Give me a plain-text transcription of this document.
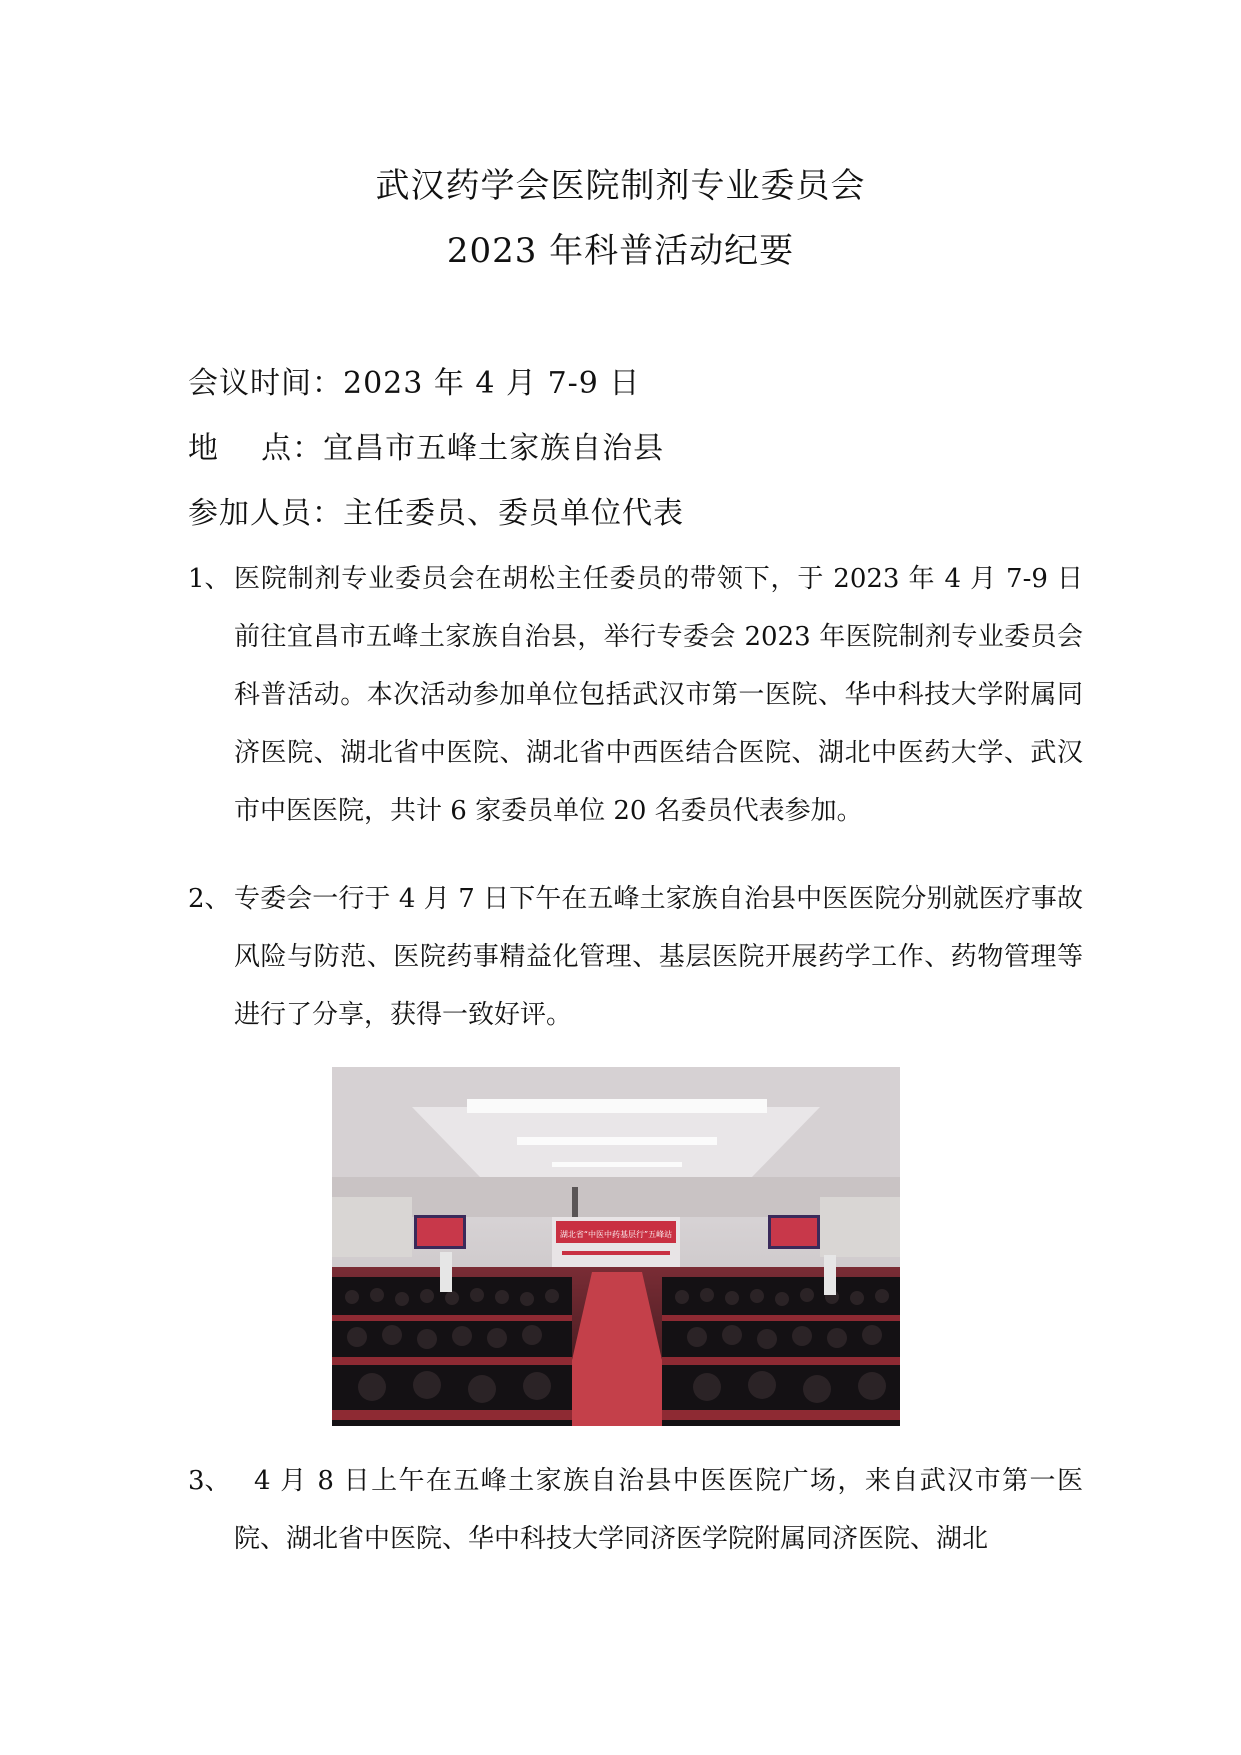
武汉药学会医院制剂专业委员会
2023 年科普活动纪要
会议时间：2023 年 4 月 7-9 日
地    点：宜昌市五峰土家族自治县
参加人员：主任委员、委员单位代表
1、 医院制剂专业委员会在胡松主任委员的带领下，于 2023 年 4 月 7-9 日前往宜昌市五峰土家族自治县，举行专委会 2023 年医院制剂专业委员会科普活动。本次活动参加单位包括武汉市第一医院、华中科技大学附属同济医院、湖北省中医院、湖北省中西医结合医院、湖北中医药大学、武汉市中医医院，共计 6 家委员单位 20 名委员代表参加。
2、 专委会一行于 4 月 7 日下午在五峰土家族自治县中医医院分别就医疗事故风险与防范、医院药事精益化管理、基层医院开展药学工作、药物管理等进行了分享，获得一致好评。
湖北省“中医中药基层行”五峰站
3、 4 月 8 日上午在五峰土家族自治县中医医院广场，来自武汉市第一医院、湖北省中医院、华中科技大学同济医学院附属同济医院、湖北
